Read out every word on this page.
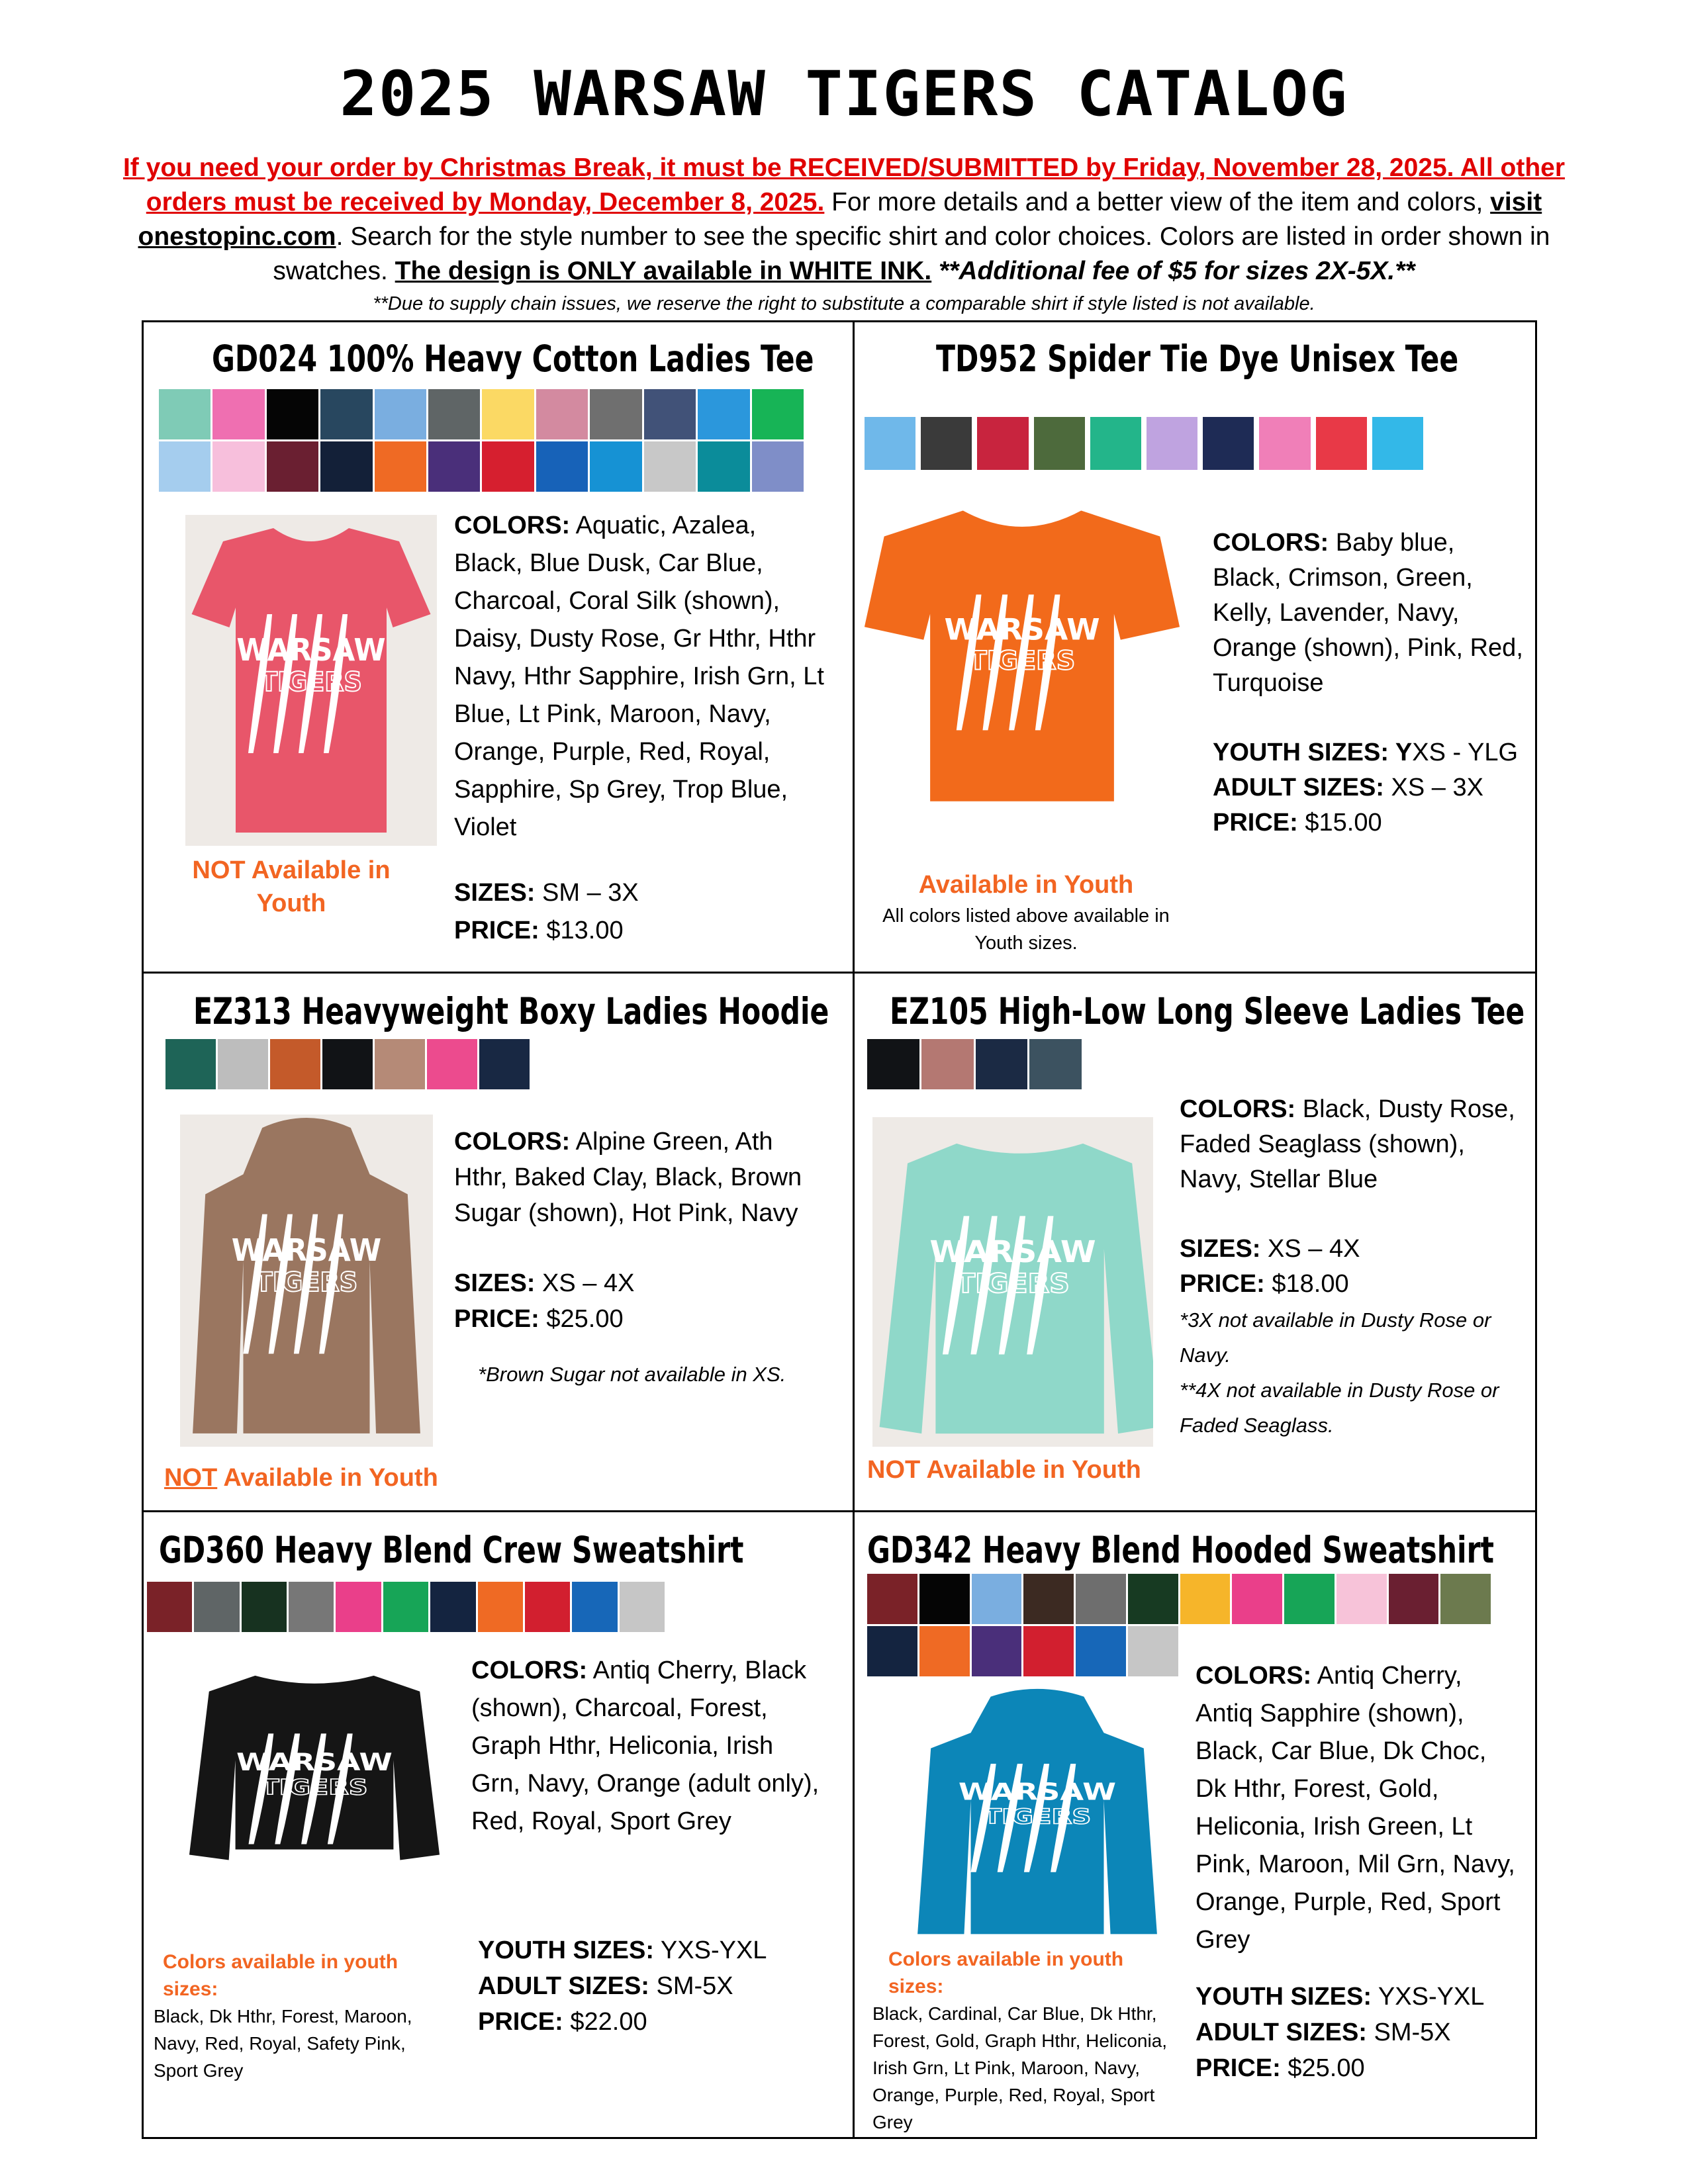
2025 WARSAW TIGERS CATALOG
If you need your order by Christmas Break, it must be RECEIVED/SUBMITTED by Friday, November 28, 2025. All other orders must be received by Monday, December 8, 2025. For more details and a better view of the item and colors, visit onestopinc.com. Search for the style number to see the specific shirt and color choices. Colors are listed in order shown in swatches. The design is ONLY available in WHITE INK. **Additional fee of $5 for sizes 2X-5X.**
**Due to supply chain issues, we reserve the right to substitute a comparable shirt if style listed is not available.
GD024 100% Heavy Cotton Ladies Tee
WARSAW
TIGERS
COLORS: Aquatic, Azalea, Black, Blue Dusk, Car Blue, Charcoal, Coral Silk (shown), Daisy, Dusty Rose, Gr Hthr, Hthr Navy, Hthr Sapphire, Irish Grn, Lt Blue, Lt Pink, Maroon, Navy, Orange, Purple, Red, Royal, Sapphire, Sp Grey, Trop Blue, Violet
SIZES: SM – 3X
PRICE: $13.00
NOT Available in Youth
TD952 Spider Tie Dye Unisex Tee
WARSAW
TIGERS
COLORS: Baby blue, Black, Crimson, Green, Kelly, Lavender, Navy, Orange (shown), Pink, Red, Turquoise
YOUTH SIZES: YXS - YLG
ADULT SIZES: XS – 3X
PRICE: $15.00
Available in Youth
All colors listed above available in Youth sizes.
EZ313 Heavyweight Boxy Ladies Hoodie
WARSAW
TIGERS
COLORS: Alpine Green, Ath Hthr, Baked Clay, Black, Brown Sugar (shown), Hot Pink, Navy
SIZES: XS – 4X
PRICE: $25.00
*Brown Sugar not available in XS.
NOT Available in Youth
EZ105 High-Low Long Sleeve Ladies Tee
WARSAW
TIGERS
COLORS: Black, Dusty Rose, Faded Seaglass (shown), Navy, Stellar Blue
SIZES: XS – 4X
PRICE: $18.00
*3X not available in Dusty Rose or Navy.
**4X not available in Dusty Rose or Faded Seaglass.
NOT Available in Youth
GD360 Heavy Blend Crew Sweatshirt
WARSAW
TIGERS
COLORS: Antiq Cherry, Black (shown), Charcoal, Forest, Graph Hthr, Heliconia, Irish Grn, Navy, Orange (adult only), Red, Royal, Sport Grey
YOUTH SIZES: YXS-YXL
ADULT SIZES: SM-5X
PRICE: $22.00
Colors available in youth sizes:
Black, Dk Hthr, Forest, Maroon, Navy, Red, Royal, Safety Pink, Sport Grey
GD342 Heavy Blend Hooded Sweatshirt
WARSAW
TIGERS
COLORS: Antiq Cherry, Antiq Sapphire (shown), Black, Car Blue, Dk Choc, Dk Hthr, Forest, Gold, Heliconia, Irish Green, Lt Pink, Maroon, Mil Grn, Navy, Orange, Purple, Red, Sport Grey
YOUTH SIZES: YXS-YXL
ADULT SIZES: SM-5X
PRICE: $25.00
Colors available in youth sizes:
Black, Cardinal, Car Blue, Dk Hthr, Forest, Gold, Graph Hthr, Heliconia, Irish Grn, Lt Pink, Maroon, Navy, Orange, Purple, Red, Royal, Sport Grey
